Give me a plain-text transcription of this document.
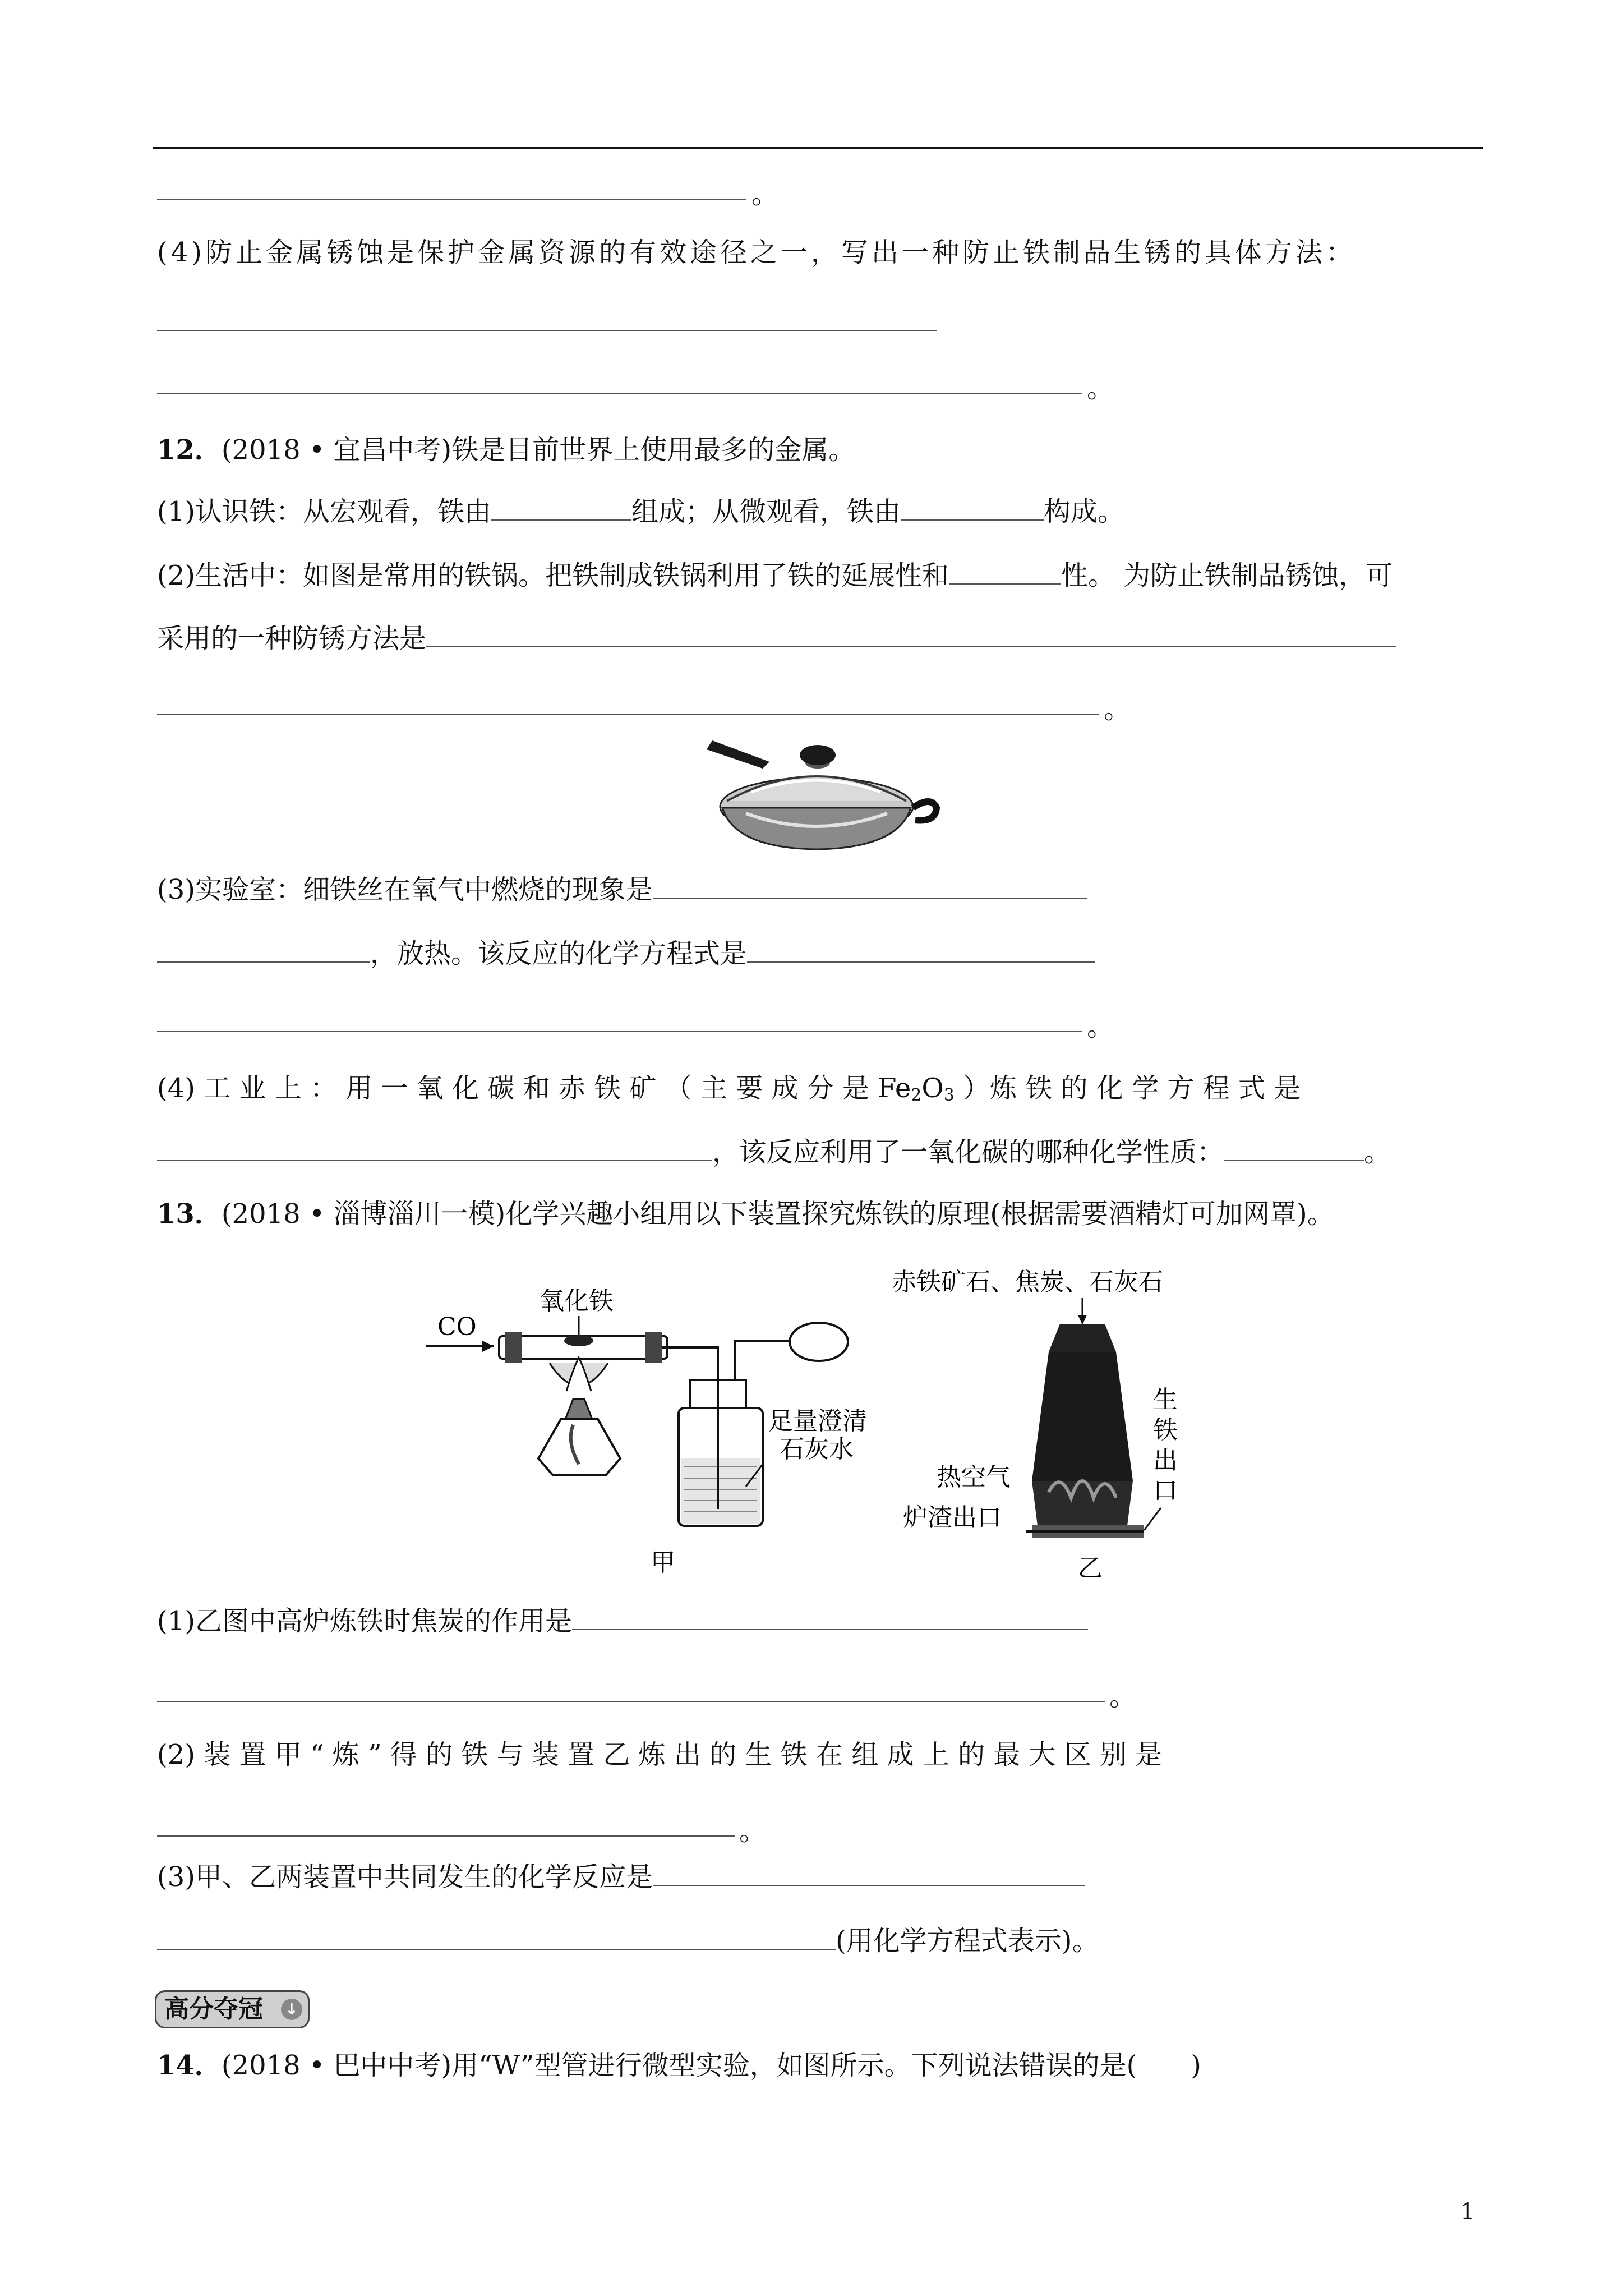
。
(4)防止金属锈蚀是保护金属资源的有效途径之一，写出一种防止铁制品生锈的具体方法：
。
12．(2018 • 宜昌中考)铁是目前世界上使用最多的金属。
(1)认识铁：从宏观看，铁由	组成；从微观看，铁由	构成。
(2)生活中：如图是常用的铁锅。把铁制成铁锅利用了铁的延展性和	性。 为防止铁制品锈蚀，可
采用的一种防锈方法是
。
(3)实验室：细铁丝在氧气中燃烧的现象是
，放热。该反应的化学方程式是
。
(4) 工 业 上 ： 用 一 氧 化 碳 和 赤 铁 矿 （ 主 要 成 分 是 $Fe_2O_3$ ）炼 铁 的 化 学 方 程 式 是
，该反应利用了一氧化碳的哪种化学性质：	。
13．(2018 • 淄博淄川一模)化学兴趣小组用以下装置探究炼铁的原理(根据需要酒精灯可加网罩)。
CO
氧化铁
足量澄清
石灰水
甲
赤铁矿石、焦炭、石灰石
热空气
炉渣出口
生
铁
出
口
乙
(1)乙图中高炉炼铁时焦炭的作用是
。
(2) 装 置 甲 “ 炼 ” 得 的 铁 与 装 置 乙 炼 出 的 生 铁 在 组 成 上 的 最 大 区 别 是
。
(3)甲、乙两装置中共同发生的化学反应是
(用化学方程式表示)。
高分夺冠 ↓
14．(2018 • 巴中中考)用“W”型管进行微型实验，如图所示。下列说法错误的是(　　)
1
